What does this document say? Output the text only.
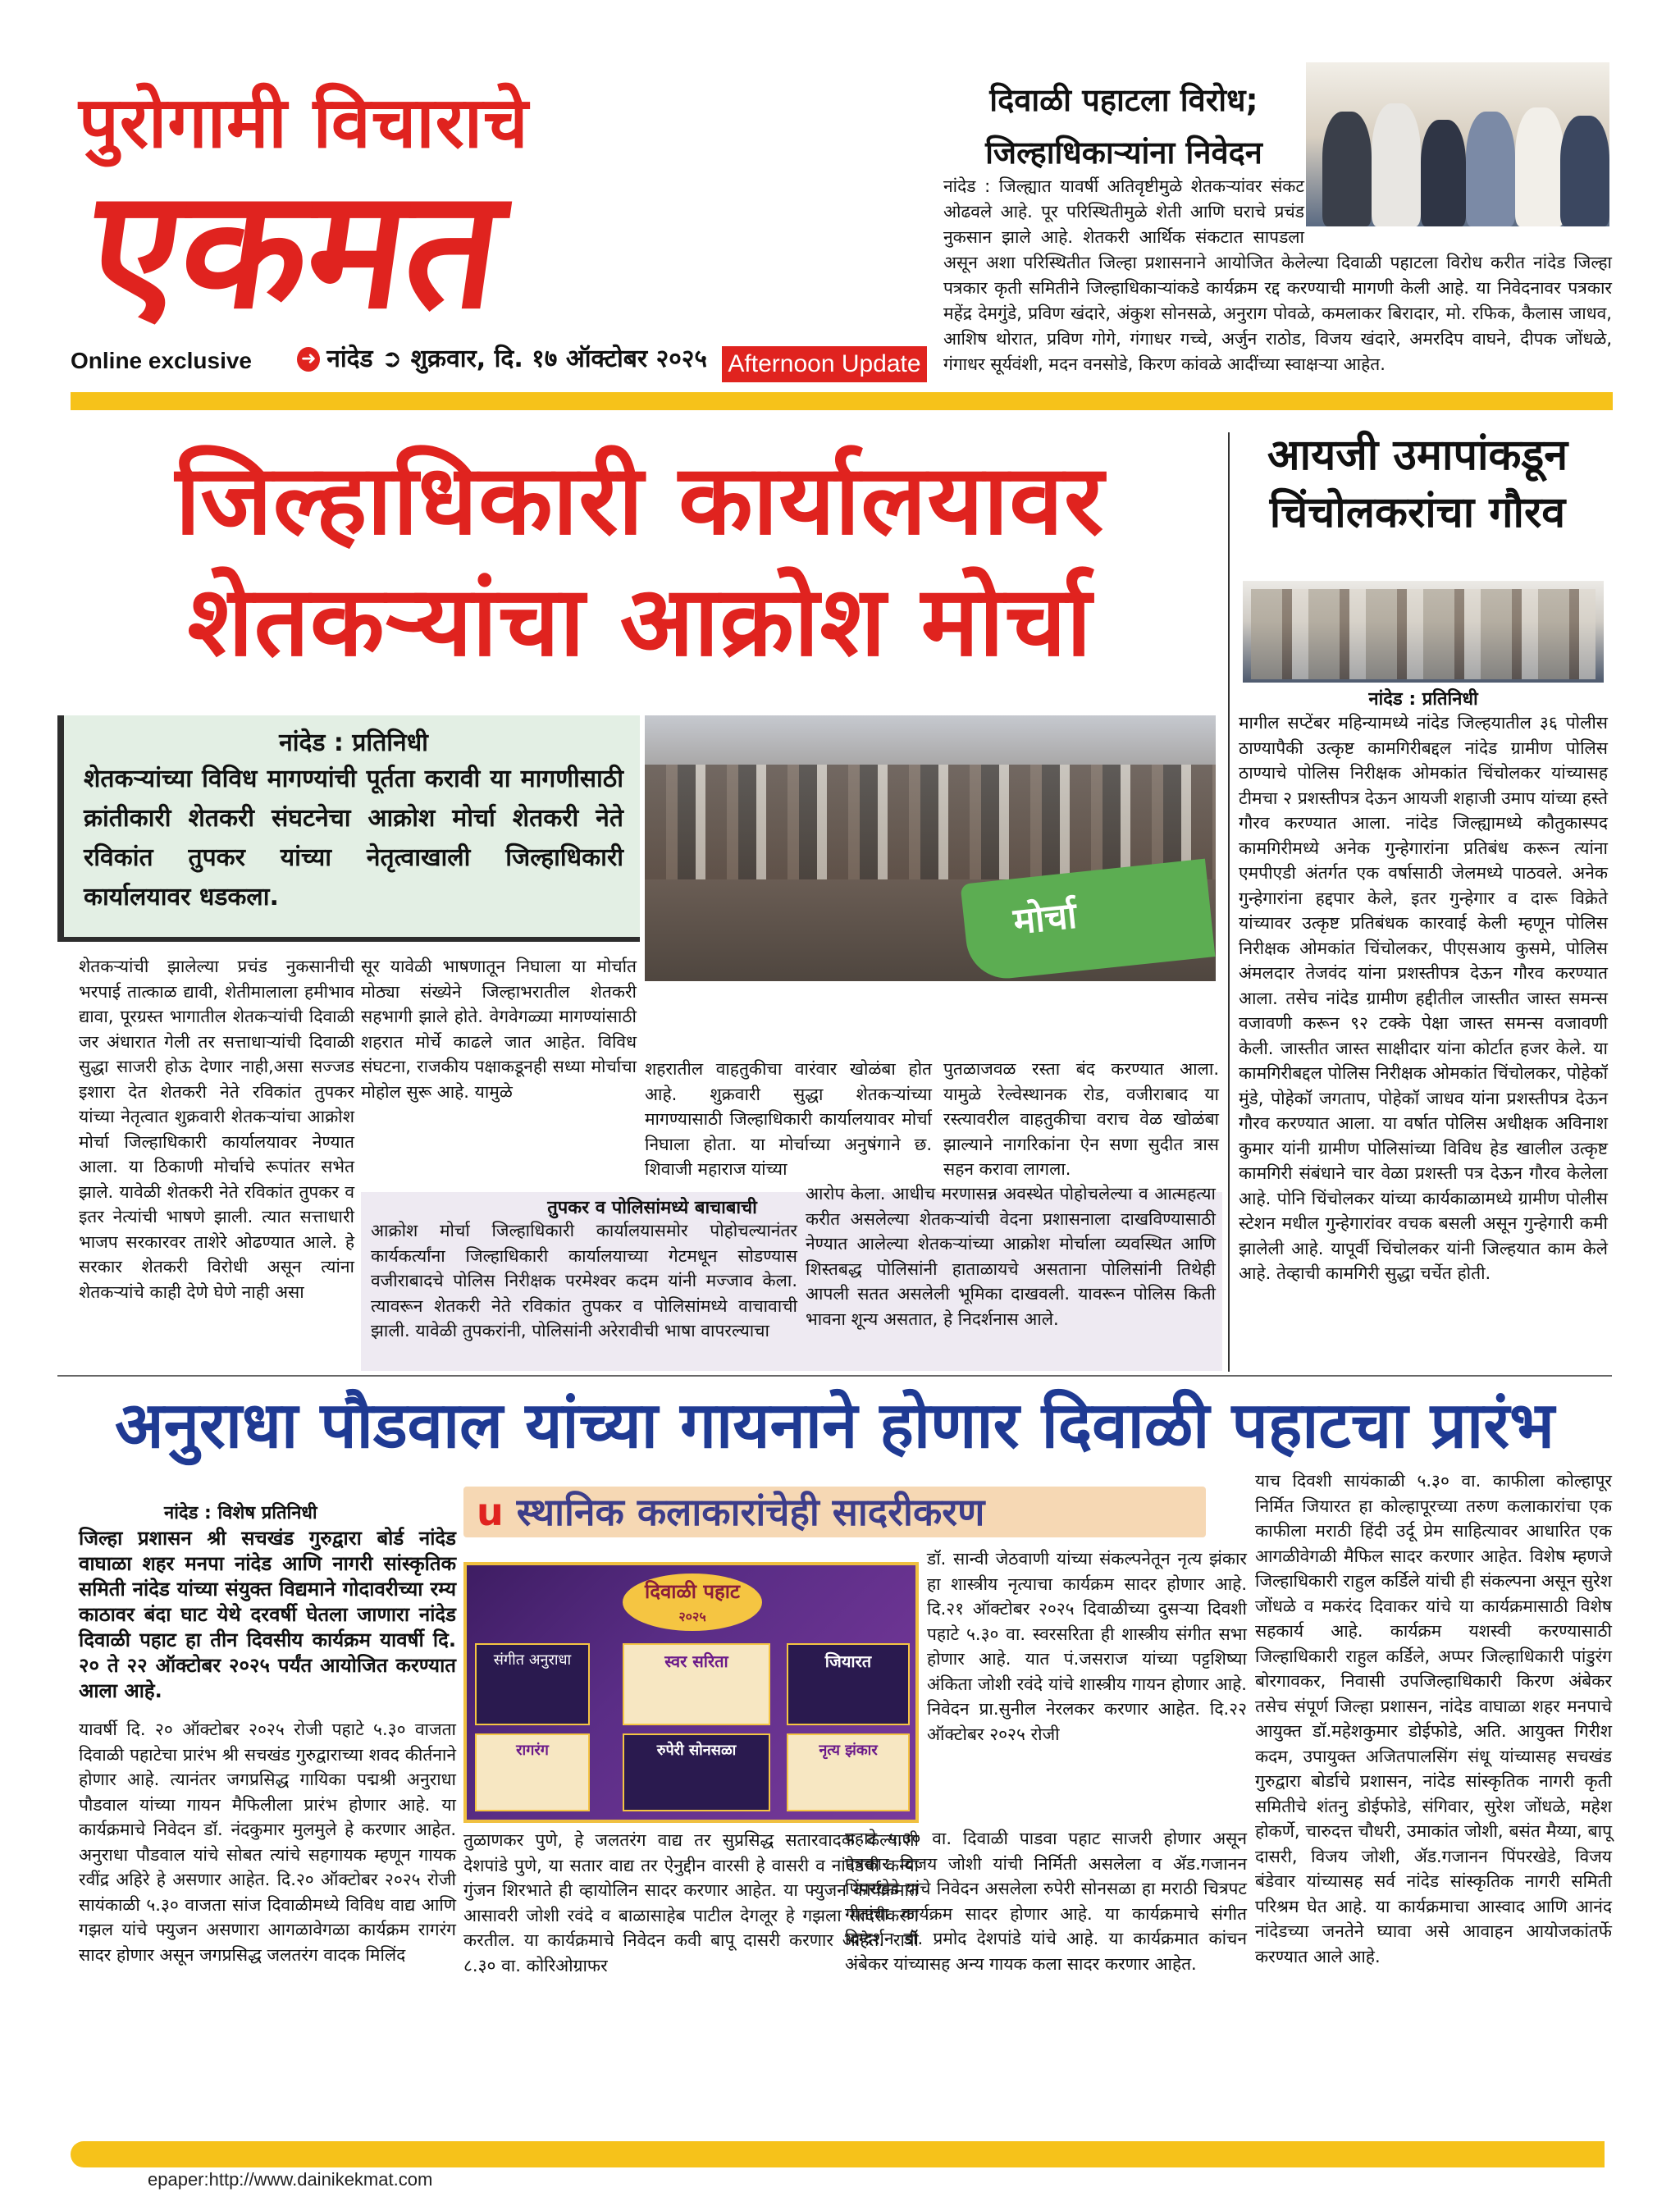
पुरोगामी विचाराचे
एकमत
Online exclusive	➜ नांदेड ➲ शुक्रवार, दि. १७ ऑक्टोबर २०२५ Afternoon Update
दिवाळी पहाटला विरोध; जिल्हाधिकाऱ्यांना निवेदन
नांदेड : जिल्ह्यात यावर्षी अतिवृष्टीमुळे शेतकऱ्यांवर संकट ओढवले आहे. पूर परिस्थितीमुळे शेती आणि घराचे प्रचंड नुकसान झाले आहे. शेतकरी आर्थिक संकटात सापडला असून अशा परिस्थितीत जिल्हा प्रशासनाने आयोजित केलेल्या दिवाळी पहाटला विरोध करीत नांदेड जिल्हा पत्रकार कृती समितीने जिल्हाधिकाऱ्यांकडे कार्यक्रम रद्द करण्याची मागणी केली आहे. या निवेदनावर पत्रकार महेंद्र देमगुंडे, प्रविण खंदारे, अंकुश सोनसळे, अनुराग पोवळे, कमलाकर बिरादार, मो. रफिक, कैलास जाधव, आशिष थोरात, प्रविण गोगे, गंगाधर गच्चे, अर्जुन राठोड, विजय खंदारे, अमरदिप वाघने, दीपक जोंधळे, गंगाधर सूर्यवंशी, मदन वनसोडे, किरण कांवळे आदींच्या स्वाक्षऱ्या आहेत.
जिल्हाधिकारी कार्यालयावर शेतकऱ्यांचा आक्रोश मोर्चा
नांदेड : प्रतिनिधी
शेतकऱ्यांच्या विविध मागण्यांची पूर्तता करावी या मागणीसाठी क्रांतीकारी शेतकरी संघटनेचा आक्रोश मोर्चा शेतकरी नेते रविकांत तुपकर यांच्या नेतृत्वाखाली जिल्हाधिकारी कार्यालयावर धडकला.	मोर्चा
शेतकऱ्यांची झालेल्या प्रचंड नुकसानीची भरपाई तात्काळ द्यावी, शेतीमालाला हमीभाव द्यावा, पूरग्रस्त भागातील शेतकऱ्यांची दिवाळी जर अंधारात गेली तर सत्ताधाऱ्यांची दिवाळी सुद्धा साजरी होऊ देणार नाही,असा सज्जड इशारा देत शेतकरी नेते रविकांत तुपकर यांच्या नेतृत्वात शुक्रवारी शेतकऱ्यांचा आक्रोश मोर्चा जिल्हाधिकारी कार्यालयावर नेण्यात आला. या ठिकाणी मोर्चाचे रूपांतर सभेत झाले. यावेळी शेतकरी नेते रविकांत तुपकर व इतर नेत्यांची भाषणे झाली. त्यात सत्ताधारी भाजप सरकारवर ताशेरे ओढण्यात आले. हे सरकार शेतकरी विरोधी असून त्यांना शेतकऱ्यांचे काही देणे घेणे नाही असा
सूर यावेळी भाषणातून निघाला या मोर्चात मोठ्या संख्येने जिल्हाभरातील शेतकरी सहभागी झाले होते. वेगवेगळ्या मागण्यांसाठी शहरात मोर्चे काढले जात आहेत. विविध संघटना, राजकीय पक्षाकडूनही सध्या मोर्चाचा मोहोल सुरू आहे. यामुळे
शहरातील वाहतुकीचा वारंवार खोळंबा होत आहे. शुक्रवारी सुद्धा शेतकऱ्यांच्या मागण्यासाठी जिल्हाधिकारी कार्यालयावर मोर्चा निघाला होता. या मोर्चाच्या अनुषंगाने छ. शिवाजी महाराज यांच्या
पुतळाजवळ रस्ता बंद करण्यात आला. यामुळे रेल्वेस्थानक रोड, वजीराबाद या रस्त्यावरील वाहतुकीचा वराच वेळ खोळंबा झाल्याने नागरिकांना ऐन सणा सुदीत त्रास सहन करावा लागला.
तुपकर व पोलिसांमध्ये बाचाबाची
आक्रोश मोर्चा जिल्हाधिकारी कार्यालयासमोर पोहोचल्यानंतर कार्यकर्त्यांना जिल्हाधिकारी कार्यालयाच्या गेटमधून सोडण्यास वजीराबादचे पोलिस निरीक्षक परमेश्वर कदम यांनी मज्जाव केला. त्यावरून शेतकरी नेते रविकांत तुपकर व पोलिसांमध्ये वाचावाची झाली. यावेळी तुपकरांनी, पोलिसांनी अरेरावीची भाषा वापरल्याचा
आरोप केला. आधीच मरणासन्न अवस्थेत पोहोचलेल्या व आत्महत्या करीत असलेल्या शेतकऱ्यांची वेदना प्रशासनाला दाखविण्यासाठी नेण्यात आलेल्या शेतकऱ्यांच्या आक्रोश मोर्चाला व्यवस्थित आणि शिस्तबद्ध पोलिसांनी हाताळायचे असताना पोलिसांनी तिथेही आपली सतत असलेली भूमिका दाखवली. यावरून पोलिस किती भावना शून्य असतात, हे निदर्शनास आले.
आयजी उमापांकडून चिंचोलकरांचा गौरव
नांदेड : प्रतिनिधी
मागील सप्टेंबर महिन्यामध्ये नांदेड जिल्हयातील ३६ पोलीस ठाण्यापैकी उत्कृष्ट कामगिरीबद्दल नांदेड ग्रामीण पोलिस ठाण्याचे पोलिस निरीक्षक ओमकांत चिंचोलकर यांच्यासह टीमचा २ प्रशस्तीपत्र देऊन आयजी शहाजी उमाप यांच्या हस्ते गौरव करण्यात आला. नांदेड जिल्ह्यामध्ये कौतुकास्पद कामगिरीमध्ये अनेक गुन्हेगारांना प्रतिबंध करून त्यांना एमपीएडी अंतर्गत एक वर्षासाठी जेलमध्ये पाठवले. अनेक गुन्हेगारांना हद्दपार केले, इतर गुन्हेगार व दारू विक्रेते यांच्यावर उत्कृष्ट प्रतिबंधक कारवाई केली म्हणून पोलिस निरीक्षक ओमकांत चिंचोलकर, पीएसआय कुसमे, पोलिस अंमलदार तेजवंद यांना प्रशस्तीपत्र देऊन गौरव करण्यात आला. तसेच नांदेड ग्रामीण हद्दीतील जास्तीत जास्त समन्स वजावणी करून ९२ टक्के पेक्षा जास्त समन्स वजावणी केली. जास्तीत जास्त साक्षीदार यांना कोर्टात हजर केले. या कामगिरीबद्दल पोलिस निरीक्षक ओमकांत चिंचोलकर, पोहेकॉ मुंडे, पोहेकॉ जगताप, पोहेकॉ जाधव यांना प्रशस्तीपत्र देऊन गौरव करण्यात आला. या वर्षात पोलिस अधीक्षक अविनाश कुमार यांनी ग्रामीण पोलिसांच्या विविध हेड खालील उत्कृष्ट कामगिरी संबंधाने चार वेळा प्रशस्ती पत्र देऊन गौरव केलेला आहे. पोनि चिंचोलकर यांच्या कार्यकाळामध्ये ग्रामीण पोलीस स्टेशन मधील गुन्हेगारांवर वचक बसली असून गुन्हेगारी कमी झालेली आहे. यापूर्वी चिंचोलकर यांनी जिल्हयात काम केले आहे. तेव्हाची कामगिरी सुद्धा चर्चेत होती.
अनुराधा पौडवाल यांच्या गायनाने होणार दिवाळी पहाटचा प्रारंभ
u स्थानिक कलाकारांचेही सादरीकरण
नांदेड : विशेष प्रतिनिधी
जिल्हा प्रशासन श्री सचखंड गुरुद्वारा बोर्ड नांदेड वाघाळा शहर मनपा नांदेड आणि नागरी सांस्कृतिक समिती नांदेड यांच्या संयुक्त विद्यमाने गोदावरीच्या रम्य काठावर बंदा घाट येथे दरवर्षी घेतला जाणारा नांदेड दिवाळी पहाट हा तीन दिवसीय कार्यक्रम यावर्षी दि. २० ते २२ ऑक्टोबर २०२५ पर्यंत आयोजित करण्यात आला आहे.
यावर्षी दि. २० ऑक्टोबर २०२५ रोजी पहाटे ५.३० वाजता दिवाळी पहाटेचा प्रारंभ श्री सचखंड गुरुद्वाराच्या शवद कीर्तनाने होणार आहे. त्यानंतर जगप्रसिद्ध गायिका पद्मश्री अनुराधा पौडवाल यांच्या गायन मैफिलीला प्रारंभ होणार आहे. या कार्यक्रमाचे निवेदन डॉ. नंदकुमार मुलमुले हे करणार आहेत. अनुराधा पौडवाल यांचे सोबत त्यांचे सहगायक म्हणून गायक रवींद्र अहिरे हे असणार आहेत. दि.२० ऑक्टोबर २०२५ रोजी सायंकाळी ५.३० वाजता सांज दिवाळीमध्ये विविध वाद्य आणि गझल यांचे फ्युजन असणारा आगळावेगळा कार्यक्रम रागरंग सादर होणार असून जगप्रसिद्ध जलतरंग वादक मिलिंद
दिवाळी पहाट
२०२५
संगीत अनुराधा	स्वर सरिता	जियारत
रागरंग	रुपेरी सोनसळा	नृत्य झंकार
तुळाणकर पुणे, हे जलतरंग वाद्य तर सुप्रसिद्ध सतारवादक कल्याणी देशपांडे पुणे, या सतार वाद्य तर ऐनुद्दीन वारसी हे वासरी व नांदेडची कन्या गुंजन शिरभाते ही व्हायोलिन सादर करणार आहेत. या फ्युजन कार्यक्रमात आसावरी जोशी रवंदे व बाळासाहेब पाटील देगलूर हे गझला सादरीकरण करतील. या कार्यक्रमाचे निवेदन कवी बापू दासरी करणार आहेत. रात्री ८.३० वा. कोरिओग्राफर
डॉ. सान्वी जेठवाणी यांच्या संकल्पनेतून नृत्य झंकार हा शास्त्रीय नृत्याचा कार्यक्रम सादर होणार आहे. दि.२१ ऑक्टोबर २०२५ दिवाळीच्या दुसऱ्या दिवशी पहाटे ५.३० वा. स्वरसरिता ही शास्त्रीय संगीत सभा होणार आहे. यात पं.जसराज यांच्या पट्टशिष्या अंकिता जोशी रवंदे यांचे शास्त्रीय गायन होणार आहे. निवेदन प्रा.सुनील नेरलकर करणार आहेत. दि.२२ ऑक्टोबर २०२५ रोजी
पहाटे ५.३० वा. दिवाळी पाडवा पहाट साजरी होणार असून पत्रकार विजय जोशी यांची निर्मिती असलेला व ॲड.गजानन पिंपरखेडे यांचे निवेदन असलेला रुपेरी सोनसळा हा मराठी चित्रपट गीतांचा कार्यक्रम सादर होणार आहे. या कार्यक्रमाचे संगीत दिग्दर्शन डॉ. प्रमोद देशपांडे यांचे आहे. या कार्यक्रमात कांचन अंबेकर यांच्यासह अन्य गायक कला सादर करणार आहेत.
याच दिवशी सायंकाळी ५.३० वा. काफीला कोल्हापूर निर्मित जियारत हा कोल्हापूरच्या तरुण कलाकारांचा एक काफीला मराठी हिंदी उर्दू प्रेम साहित्यावर आधारित एक आगळीवेगळी मैफिल सादर करणार आहेत. विशेष म्हणजे जिल्हाधिकारी राहुल कर्डिले यांची ही संकल्पना असून सुरेश जोंधळे व मकरंद दिवाकर यांचे या कार्यक्रमासाठी विशेष सहकार्य आहे. कार्यक्रम यशस्वी करण्यासाठी जिल्हाधिकारी राहुल कर्डिले, अप्पर जिल्हाधिकारी पांडुरंग बोरगावकर, निवासी उपजिल्हाधिकारी किरण अंबेकर तसेच संपूर्ण जिल्हा प्रशासन, नांदेड वाघाळा शहर मनपाचे आयुक्त डॉ.महेशकुमार डोईफोडे, अति. आयुक्त गिरीश कदम, उपायुक्त अजितपालसिंग संधू यांच्यासह सचखंड गुरुद्वारा बोर्डाचे प्रशासन, नांदेड सांस्कृतिक नागरी कृती समितीचे शंतनु डोईफोडे, संगिवार, सुरेश जोंधळे, महेश होकर्णे, चारुदत्त चौधरी, उमाकांत जोशी, बसंत मैय्या, बापू दासरी, विजय जोशी, ॲड.गजानन पिंपरखेडे, विजय बंडेवार यांच्यासह सर्व नांदेड सांस्कृतिक नागरी समिती परिश्रम घेत आहे. या कार्यक्रमाचा आस्वाद आणि आनंद नांदेडच्या जनतेने घ्यावा असे आवाहन आयोजकांतर्फे करण्यात आले आहे.
epaper:http://www.dainikekmat.com
